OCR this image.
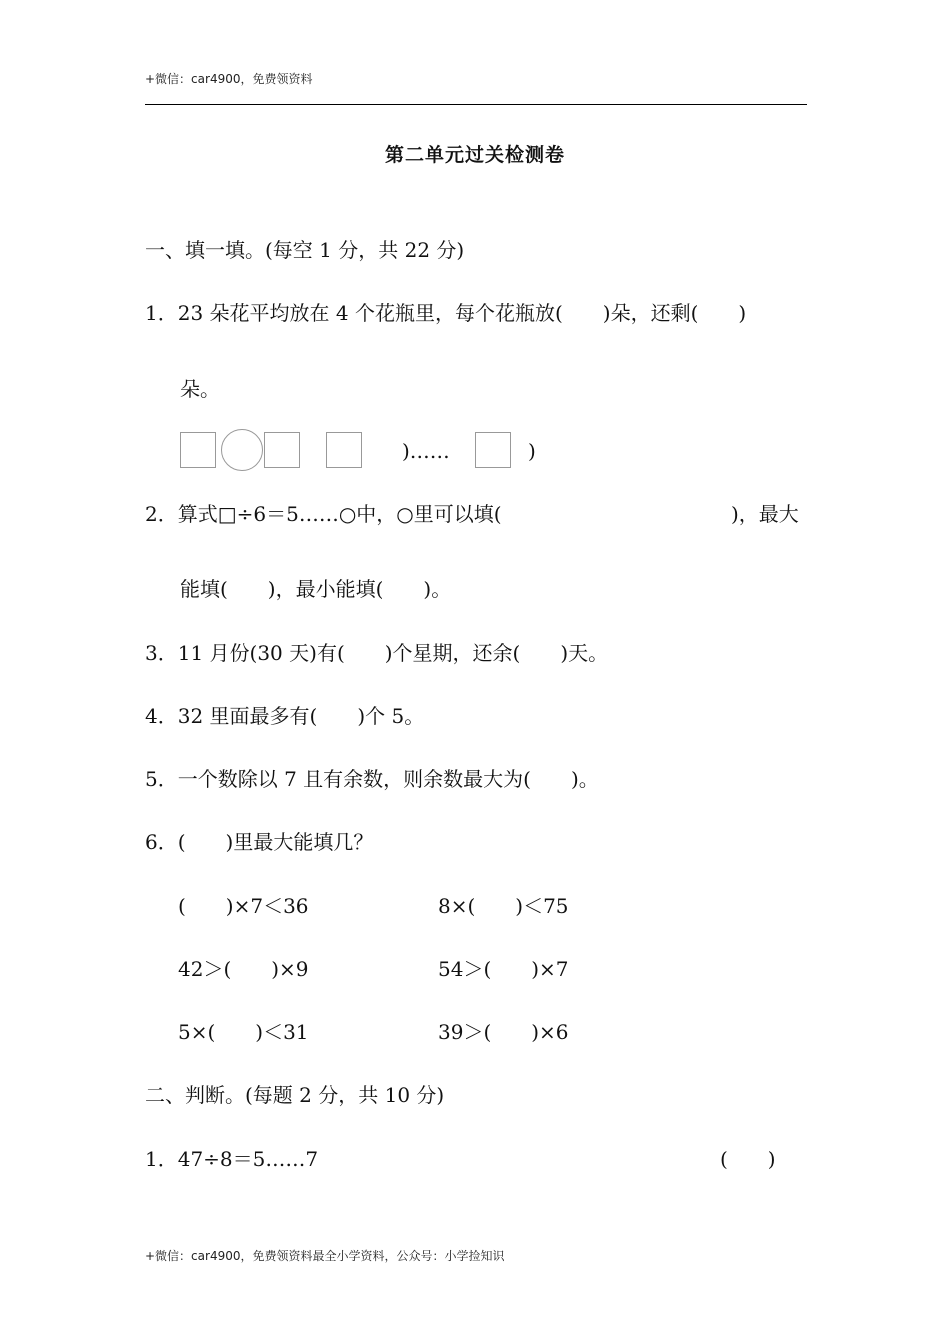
+微信：car4900，免费领资料
第二单元过关检测卷
一、填一填。(每空 1 分，共 22 分)
1．23 朵花平均放在 4 个花瓶里，每个花瓶放(　　)朵，还剩(　　)
朵。
)……	)
2．算式□÷6＝5……○中，○里可以填(	)，最大
能填(　　)，最小能填(　　)。
3．11 月份(30 天)有(　　)个星期，还余(　　)天。
4．32 里面最多有(　　)个 5。
5．一个数除以 7 且有余数，则余数最大为(　　)。
6．(　　)里最大能填几？
(　　)×7＜36	8×(　　)＜75
42＞(　　)×9	54＞(　　)×7
5×(　　)＜31	39＞(　　)×6
二、判断。(每题 2 分，共 10 分)
1．47÷8＝5……7	(　　)
+微信：car4900，免费领资料最全小学资料，公众号：小学捡知识
